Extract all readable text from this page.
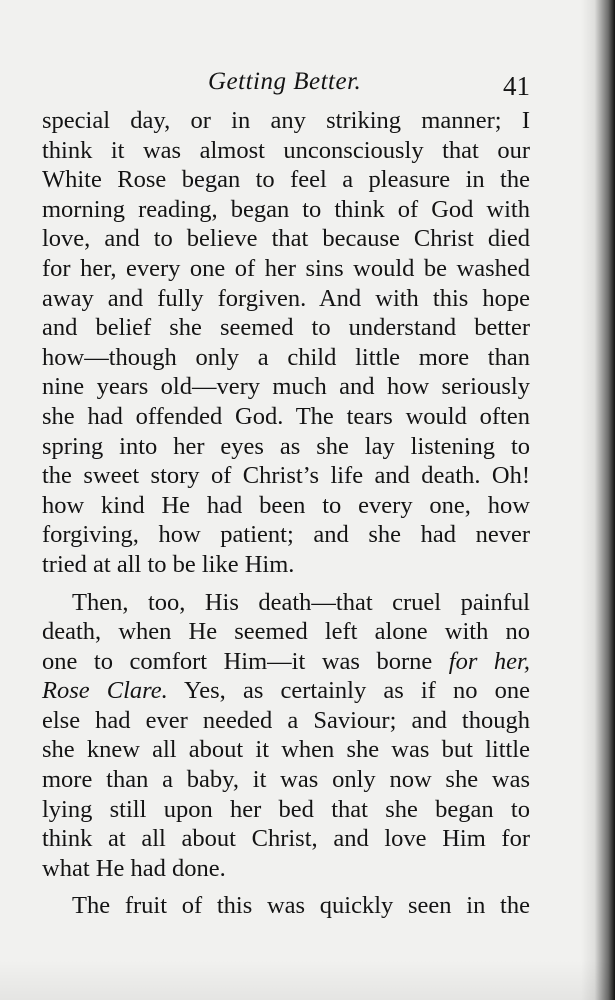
Getting Better.	41
special day, or in any striking manner; I
think it was almost unconsciously that our
White Rose began to feel a pleasure in the
morning reading, began to think of God with
love, and to believe that because Christ died
for her, every one of her sins would be washed
away and fully forgiven. And with this hope
and belief she seemed to understand better
how—though only a child little more than
nine years old—very much and how seriously
she had offended God. The tears would often
spring into her eyes as she lay listening to
the sweet story of Christ’s life and death. Oh!
how kind He had been to every one, how
forgiving, how patient; and she had never
tried at all to be like Him.
Then, too, His death—that cruel painful
death, when He seemed left alone with no
one to comfort Him—it was borne for her,
Rose Clare. Yes, as certainly as if no one
else had ever needed a Saviour; and though
she knew all about it when she was but little
more than a baby, it was only now she was
lying still upon her bed that she began to
think at all about Christ, and love Him for
what He had done.
The fruit of this was quickly seen in the
